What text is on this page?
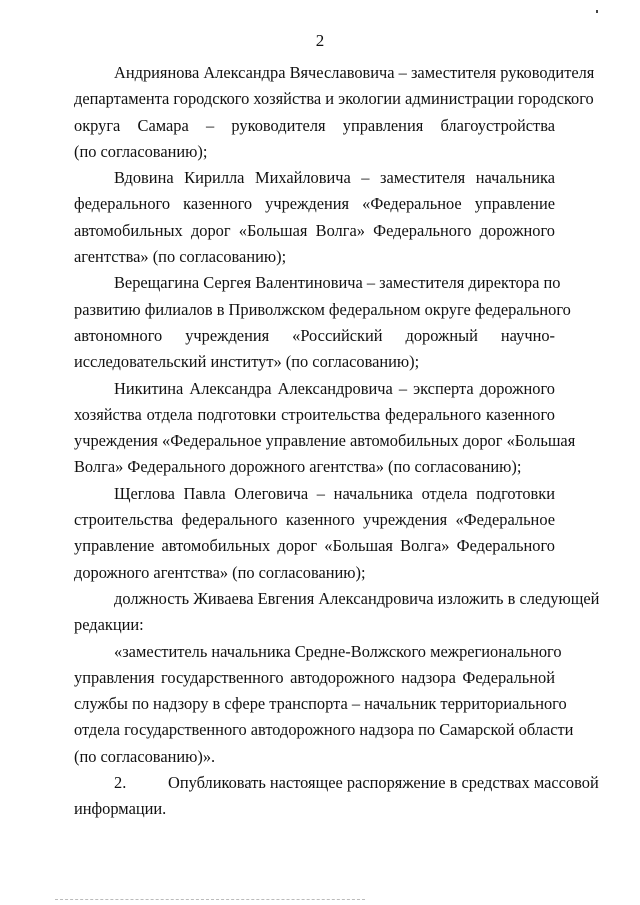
2
Андриянова Александра Вячеславовича – заместителя руководителя
департамента городского хозяйства и экологии администрации городского
округа Самара – руководителя управления благоустройства
(по согласованию);
Вдовина Кирилла Михайловича – заместителя начальника
федерального казенного учреждения «Федеральное управление
автомобильных дорог «Большая Волга» Федерального дорожного
агентства» (по согласованию);
Верещагина Сергея Валентиновича – заместителя директора по
развитию филиалов в Приволжском федеральном округе федерального
автономного учреждения «Российский дорожный научно-
исследовательский институт» (по согласованию);
Никитина Александра Александровича – эксперта дорожного
хозяйства отдела подготовки строительства федерального казенного
учреждения «Федеральное управление автомобильных дорог «Большая
Волга» Федерального дорожного агентства» (по согласованию);
Щеглова Павла Олеговича – начальника отдела подготовки
строительства федерального казенного учреждения «Федеральное
управление автомобильных дорог «Большая Волга» Федерального
дорожного агентства» (по согласованию);
должность Живаева Евгения Александровича изложить в следующей
редакции:
«заместитель начальника Средне-Волжского межрегионального
управления государственного автодорожного надзора Федеральной
службы по надзору в сфере транспорта – начальник территориального
отдела государственного автодорожного надзора по Самарской области
(по согласованию)».
2.	Опубликовать настоящее распоряжение в средствах массовой
информации.
